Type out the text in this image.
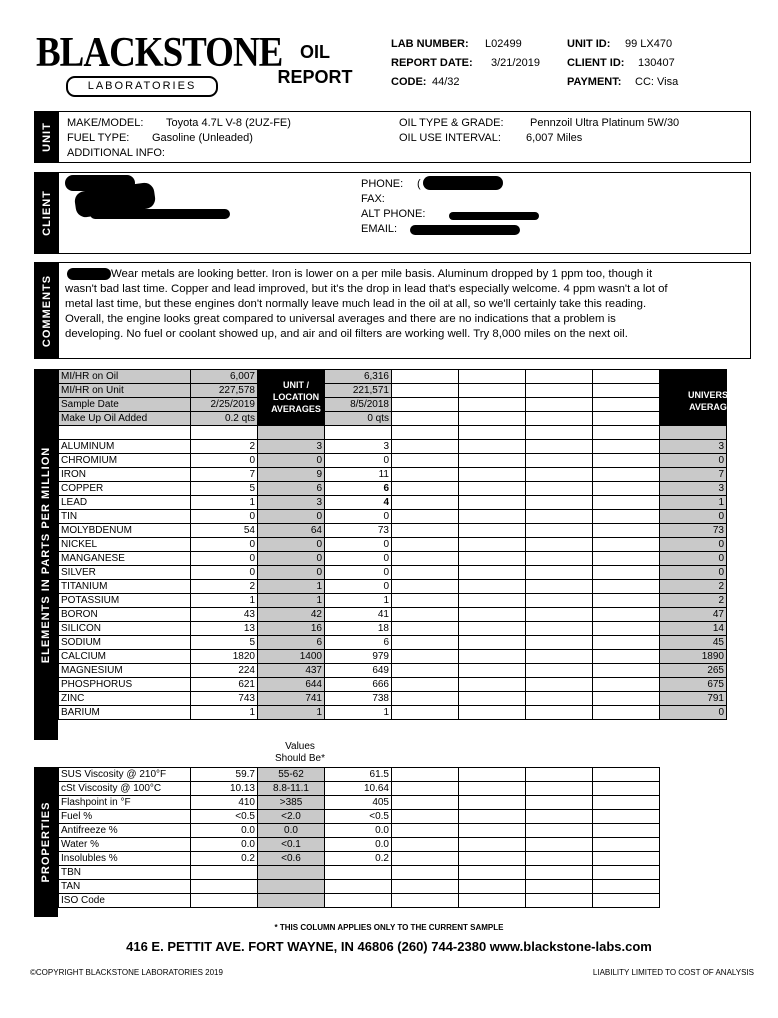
BLACKSTONE
LABORATORIES
OIL
REPORT
LAB NUMBER: L02499
REPORT DATE: 3/21/2019
CODE: 44/32
UNIT ID: 99 LX470
CLIENT ID: 130407
PAYMENT: CC: Visa
UNIT MAKE/MODEL: Toyota 4.7L V-8 (2UZ-FE)
FUEL TYPE: Gasoline (Unleaded)
ADDITIONAL INFO:
OIL TYPE & GRADE: Pennzoil Ultra Platinum 5W/30
OIL USE INTERVAL: 6,007 Miles
CLIENT
PHONE: (
FAX:
ALT PHONE:
EMAIL:
COMMENTS
Wear metals are looking better. Iron is lower on a per mile basis. Aluminum dropped by 1 ppm too, though it wasn't bad last time. Copper and lead improved, but it's the drop in lead that's especially welcome. 4 ppm wasn't a lot of metal last time, but these engines don't normally leave much lead in the oil at all, so we'll certainly take this reading. Overall, the engine looks great compared to universal averages and there are no indications that a problem is developing. No fuel or coolant showed up, and air and oil filters are working well. Try 8,000 miles on the next oil.
ELEMENTS IN PARTS PER MILLION
MI/HR on Oil	6,007		6,316					
MI/HR on Unit	227,578		221,571					
Sample Date	2/25/2019		8/5/2018					
Make Up Oil Added	0.2 qts		0 qts					

ALUMINUM	2	3	3					3
CHROMIUM	0	0	0					0
IRON	7	9	11					7
COPPER	5	6	6					3
LEAD	1	3	4					1
TIN	0	0	0					0
MOLYBDENUM	54	64	73					73
NICKEL	0	0	0					0
MANGANESE	0	0	0					0
SILVER	0	0	0					0
TITANIUM	2	1	0					2
POTASSIUM	1	1	1					2
BORON	43	42	41					47
SILICON	13	16	18					14
SODIUM	5	6	6					45
CALCIUM	1820	1400	979					1890
MAGNESIUM	224	437	649					265
PHOSPHORUS	621	644	666					675
ZINC	743	741	738					791
BARIUM	1	1	1					0
UNIT / LOCATION AVERAGES
UNIVERSAL AVERAGES
Values Should Be*
PROPERTIES
SUS Viscosity @ 210°F	59.7	55-62	61.5				
cSt Viscosity @ 100°C	10.13	8.8-11.1	10.64				
Flashpoint in °F	410	>385	405				
Fuel %	<0.5	<2.0	<0.5				
Antifreeze %	0.0	0.0	0.0				
Water %	0.0	<0.1	0.0				
Insolubles %	0.2	<0.6	0.2				
TBN							
TAN							
ISO Code							
* THIS COLUMN APPLIES ONLY TO THE CURRENT SAMPLE
416 E. PETTIT AVE. FORT WAYNE, IN 46806 (260) 744-2380 www.blackstone-labs.com
©COPYRIGHT BLACKSTONE LABORATORIES 2019	LIABILITY LIMITED TO COST OF ANALYSIS
